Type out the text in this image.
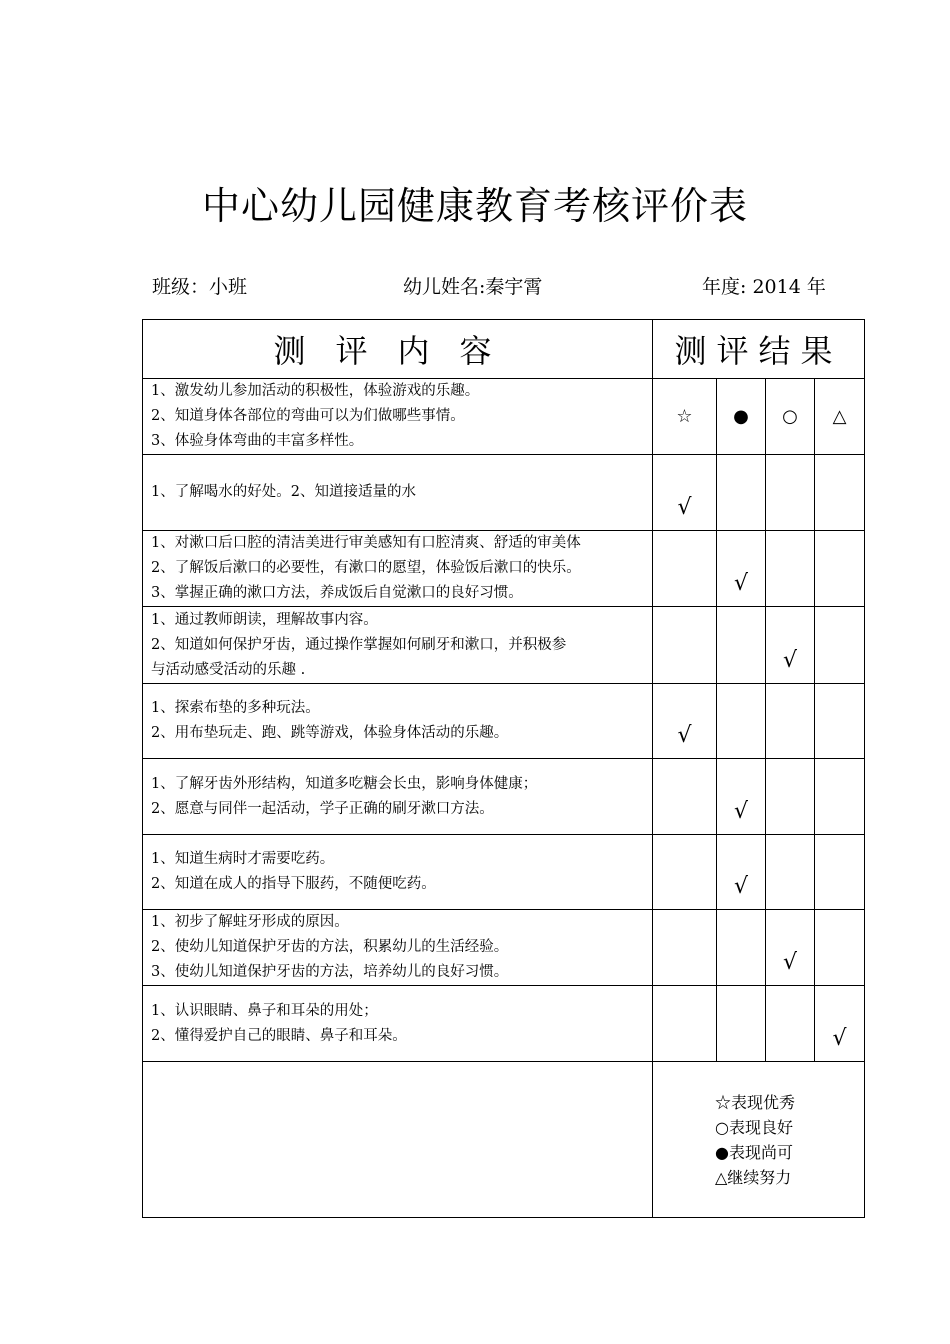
中心幼儿园健康教育考核评价表
班级：小班	幼儿姓名:秦宇霄	年度: 2014 年
测评内容	测评结果			

1、激发幼儿参加活动的积极性，体验游戏的乐趣。
2、知道身体各部位的弯曲可以为们做哪些事情。
3、体验身体弯曲的丰富多样性。	☆	●	○	△

1、了解喝水的好处。2、知道接适量的水	√			

1、对漱口后口腔的清洁美进行审美感知有口腔清爽、舒适的审美体
2、了解饭后漱口的必要性，有漱口的愿望，体验饭后漱口的快乐。
3、掌握正确的漱口方法，养成饭后自觉漱口的良好习惯。		√		

1、通过教师朗读，理解故事内容。
2、知道如何保护牙齿，通过操作掌握如何刷牙和漱口，并积极参
与活动感受活动的乐趣 .			√	

1、探索布垫的多种玩法。
2、用布垫玩走、跑、跳等游戏，体验身体活动的乐趣。	√			

1、了解牙齿外形结构，知道多吃糖会长虫，影响身体健康；
2、愿意与同伴一起活动，学子正确的刷牙漱口方法。		√		

1、知道生病时才需要吃药。
2、知道在成人的指导下服药，不随便吃药。		√		

1、初步了解蛀牙形成的原因。
2、使幼儿知道保护牙齿的方法，积累幼儿的生活经验。
3、使幼儿知道保护牙齿的方法，培养幼儿的良好习惯。			√	

1、认识眼睛、鼻子和耳朵的用处；
2、懂得爱护自己的眼睛、鼻子和耳朵。				√

	☆表现优秀
○表现良好
●表现尚可
△继续努力			
